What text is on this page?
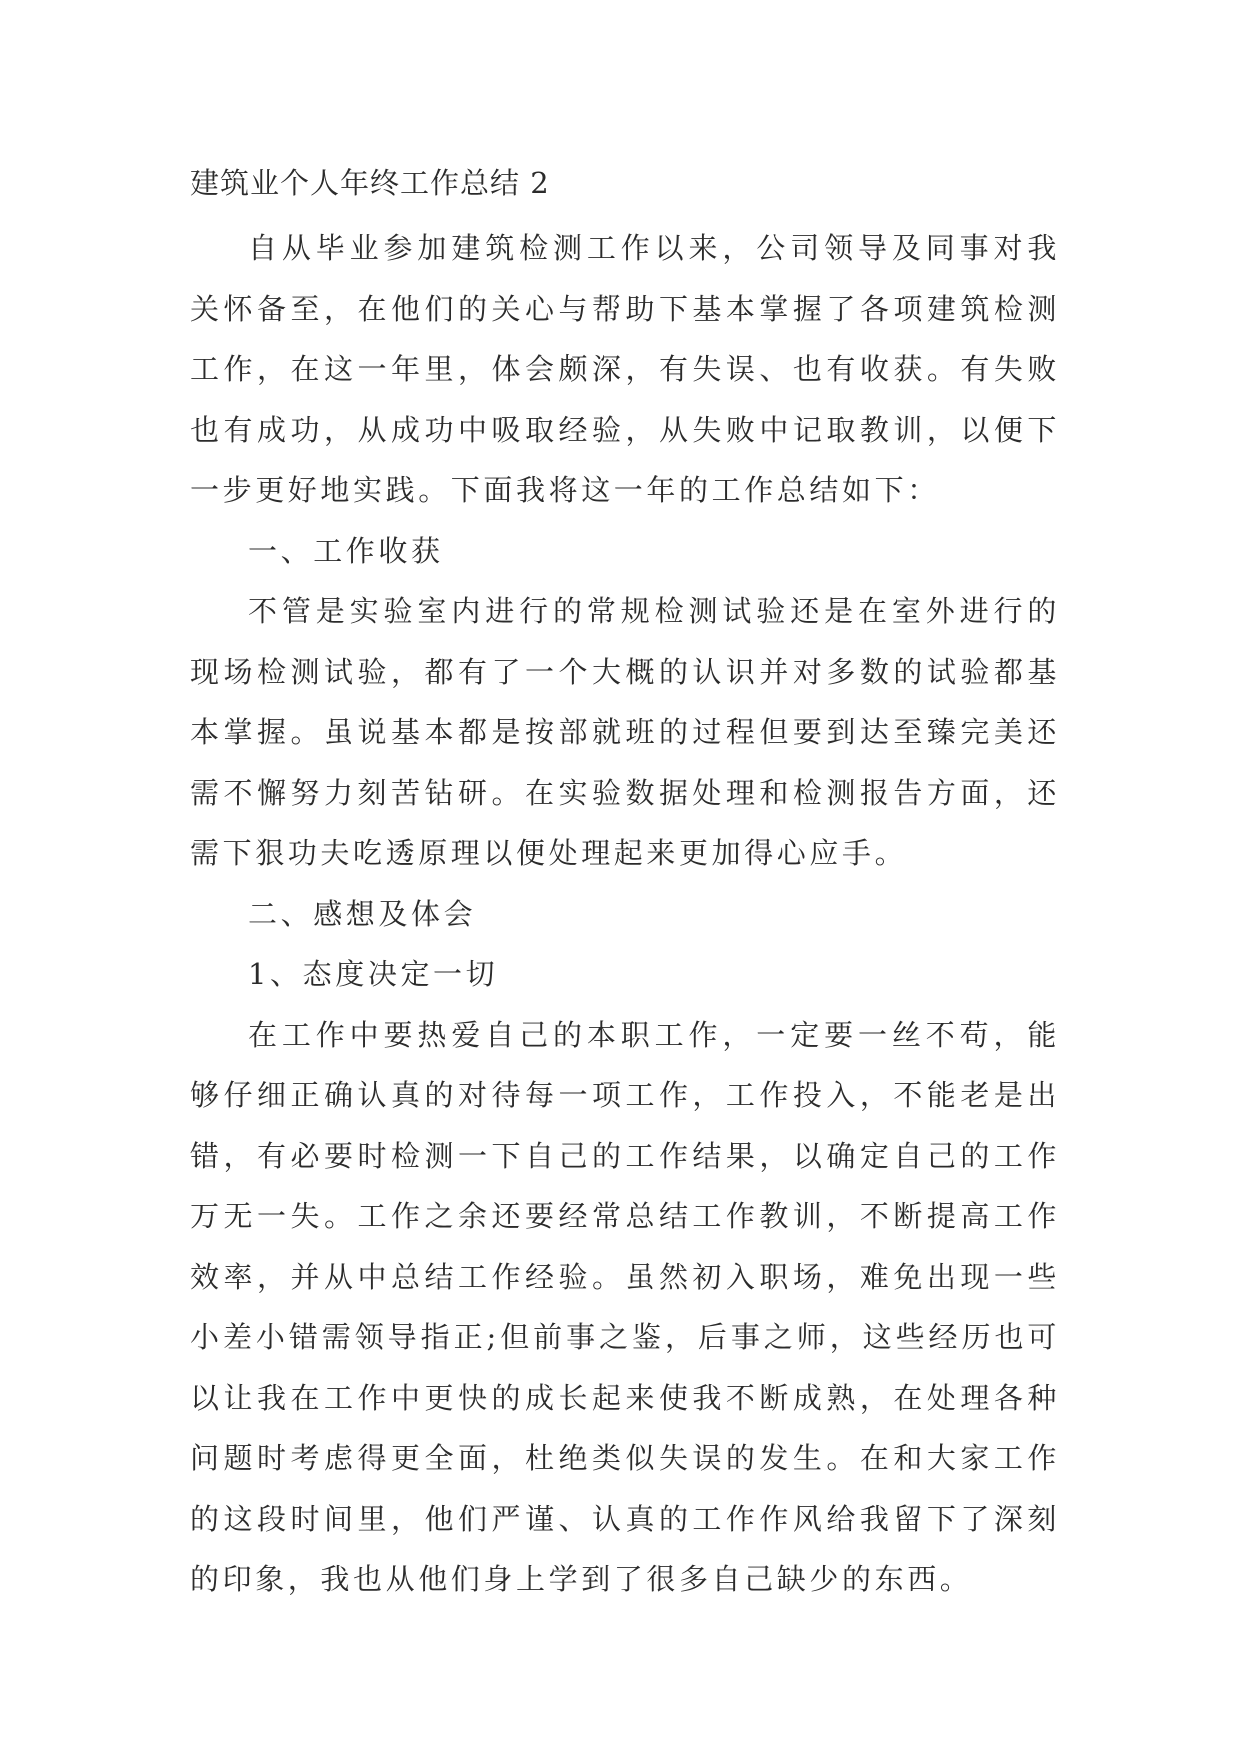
建筑业个人年终工作总结 2

自从毕业参加建筑检测工作以来，公司领导及同事对我关怀备至，在他们的关心与帮助下基本掌握了各项建筑检测工作，在这一年里，体会颇深，有失误、也有收获。有失败也有成功，从成功中吸取经验，从失败中记取教训，以便下一步更好地实践。下面我将这一年的工作总结如下：

一、工作收获

不管是实验室内进行的常规检测试验还是在室外进行的现场检测试验，都有了一个大概的认识并对多数的试验都基本掌握。虽说基本都是按部就班的过程但要到达至臻完美还需不懈努力刻苦钻研。在实验数据处理和检测报告方面，还需下狠功夫吃透原理以便处理起来更加得心应手。

二、感想及体会

1、态度决定一切

在工作中要热爱自己的本职工作，一定要一丝不苟，能够仔细正确认真的对待每一项工作，工作投入，不能老是出错，有必要时检测一下自己的工作结果，以确定自己的工作万无一失。工作之余还要经常总结工作教训，不断提高工作效率，并从中总结工作经验。虽然初入职场，难免出现一些小差小错需领导指正;但前事之鉴，后事之师，这些经历也可以让我在工作中更快的成长起来使我不断成熟，在处理各种问题时考虑得更全面，杜绝类似失误的发生。在和大家工作的这段时间里，他们严谨、认真的工作作风给我留下了深刻的印象，我也从他们身上学到了很多自己缺少的东西。
